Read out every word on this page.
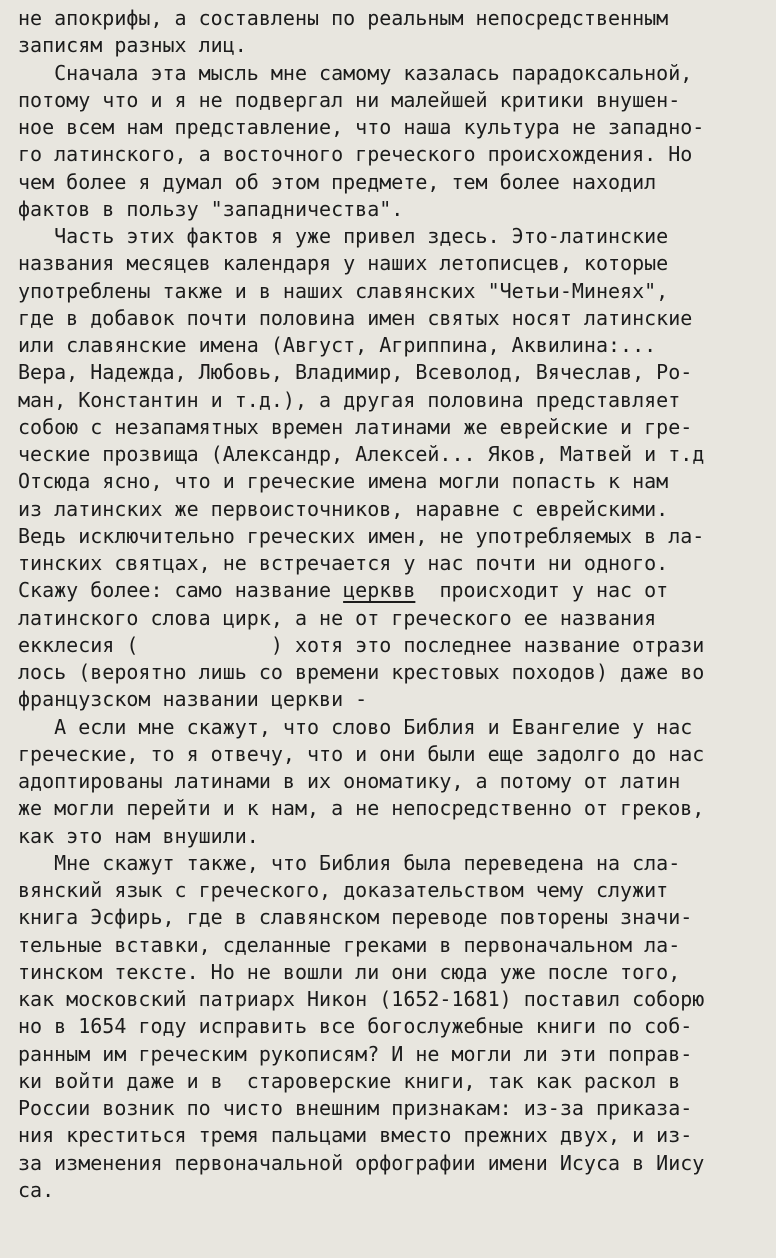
не апокрифы, а составлены по реальным непосредственным
записям разных лиц.
Сначала эта мысль мне самому казалась парадоксальной,
потому что и я не подвергал ни малейшей критики внушен-
ное всем нам представление, что наша культура не западно-
го латинского, а восточного греческого происхождения. Но
чем более я думал об этом предмете, тем более находил
фактов в пользу "западничества".
Часть этих фактов я уже привел здесь. Это-латинские
названия месяцев календаря у наших летописцев, которые
употреблены также и в наших славянских "Четьи-Минеях",
где в добавок почти половина имен святых носят латинские
или славянские имена (Август, Агриппина, Аквилина:...
Вера, Надежда, Любовь, Владимир, Всеволод, Вячеслав, Ро-
ман, Константин и т.д.), а другая половина представляет
собою с незапамятных времен латинами же еврейские и гре-
ческие прозвища (Александр, Алексей... Яков, Матвей и т.д
Отсюда ясно, что и греческие имена могли попасть к нам
из латинских же первоисточников, наравне с еврейскими.
Ведь исключительно греческих имен, не употребляемых в ла-
тинских святцах, не встречается у нас почти ни одного.
Скажу более: само название церквв  происходит у нас от
латинского слова цирк, а не от греческого ее названия
екклесия (           ) хотя это последнее название отрази
лось (вероятно лишь со времени крестовых походов) даже во
французском названии церкви -
А если мне скажут, что слово Библия и Евангелие у нас
греческие, то я отвечу, что и они были еще задолго до нас
адоптированы латинами в их ономатику, а потому от латин
же могли перейти и к нам, а не непосредственно от греков,
как это нам внушили.
Мне скажут также, что Библия была переведена на сла-
вянский язык с греческого, доказательством чему служит
книга Эсфирь, где в славянском переводе повторены значи-
тельные вставки, сделанные греками в первоначальном ла-
тинском тексте. Но не вошли ли они сюда уже после того,
как московский патриарх Никон (1652-1681) поставил соборю
но в 1654 году исправить все богослужебные книги по соб-
ранным им греческим рукописям? И не могли ли эти поправ-
ки войти даже и в  староверские книги, так как раскол в
России возник по чисто внешним признакам: из-за приказа-
ния креститься тремя пальцами вместо прежних двух, и из-
за изменения первоначальной орфографии имени Исуса в Иису
са.
